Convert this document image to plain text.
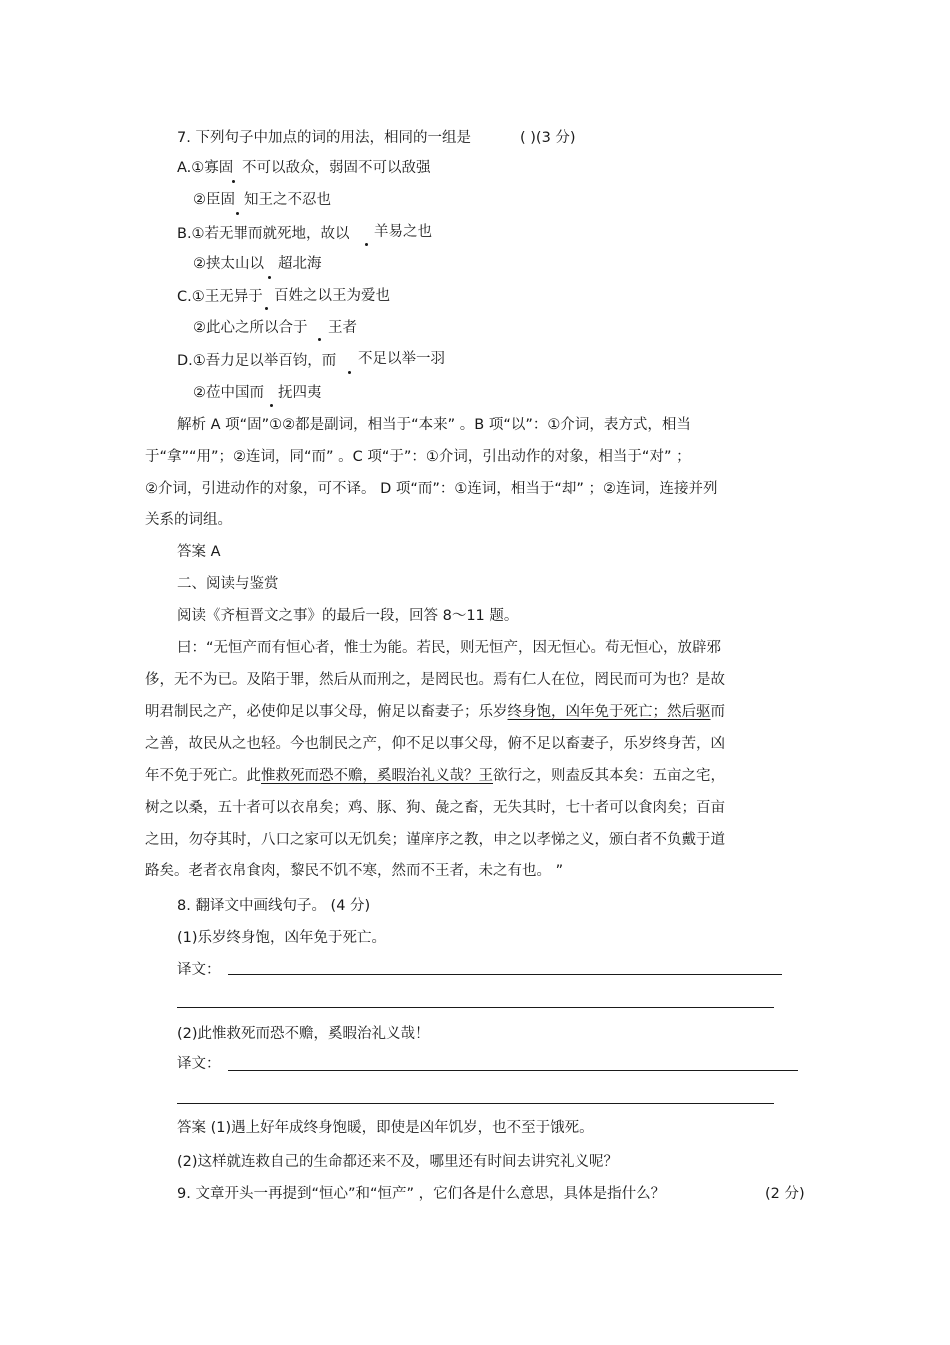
7. 下列句子中加点的词的用法，相同的一组是	( )(3 分)
A.①寡固 不可以敌众，弱固不可以敌强
②臣固 知王之不忍也
B.①若无罪而就死地，故以 羊易之也
②挟太山以 超北海
C.①王无异于 百姓之以王为爱也
②此心之所以合于 王者
D.①吾力足以举百钧，而 不足以举一羽
②莅中国而 抚四夷
解析 A 项“固”①②都是副词，相当于“本来” 。B 项“以”：①介词，表方式，相当
于“拿”“用”；②连词，同“而” 。C 项“于”：①介词，引出动作的对象，相当于“对” ；
②介词，引进动作的对象，可不译。 D 项“而”：①连词，相当于“却” ；②连词，连接并列
关系的词组。
答案 A
二、阅读与鉴赏
阅读《齐桓晋文之事》的最后一段，回答 8～11 题。
曰：“无恒产而有恒心者，惟士为能。若民，则无恒产，因无恒心。苟无恒心，放辟邪
侈，无不为已。及陷于罪，然后从而刑之，是罔民也。焉有仁人在位，罔民而可为也？是故
明君制民之产，必使仰足以事父母，俯足以畜妻子；乐岁终身饱，凶年免于死亡；然后驱而
之善，故民从之也轻。今也制民之产，仰不足以事父母，俯不足以畜妻子，乐岁终身苦，凶
年不免于死亡。此惟救死而恐不赡，奚暇治礼义哉？王欲行之，则盍反其本矣：五亩之宅，
树之以桑，五十者可以衣帛矣；鸡、豚、狗、彘之畜，无失其时，七十者可以食肉矣；百亩
之田，勿夺其时，八口之家可以无饥矣；谨庠序之教，申之以孝悌之义，颁白者不负戴于道
路矣。老者衣帛食肉，黎民不饥不寒，然而不王者，未之有也。 ”
8. 翻译文中画线句子。 (4 分)
(1)乐岁终身饱，凶年免于死亡。
译文：
(2)此惟救死而恐不赡，奚暇治礼义哉！
译文：
答案 (1)遇上好年成终身饱暖，即使是凶年饥岁，也不至于饿死。
(2)这样就连救自己的生命都还来不及，哪里还有时间去讲究礼义呢？
9. 文章开头一再提到“恒心”和“恒产” ，它们各是什么意思，具体是指什么？	(2 分)
